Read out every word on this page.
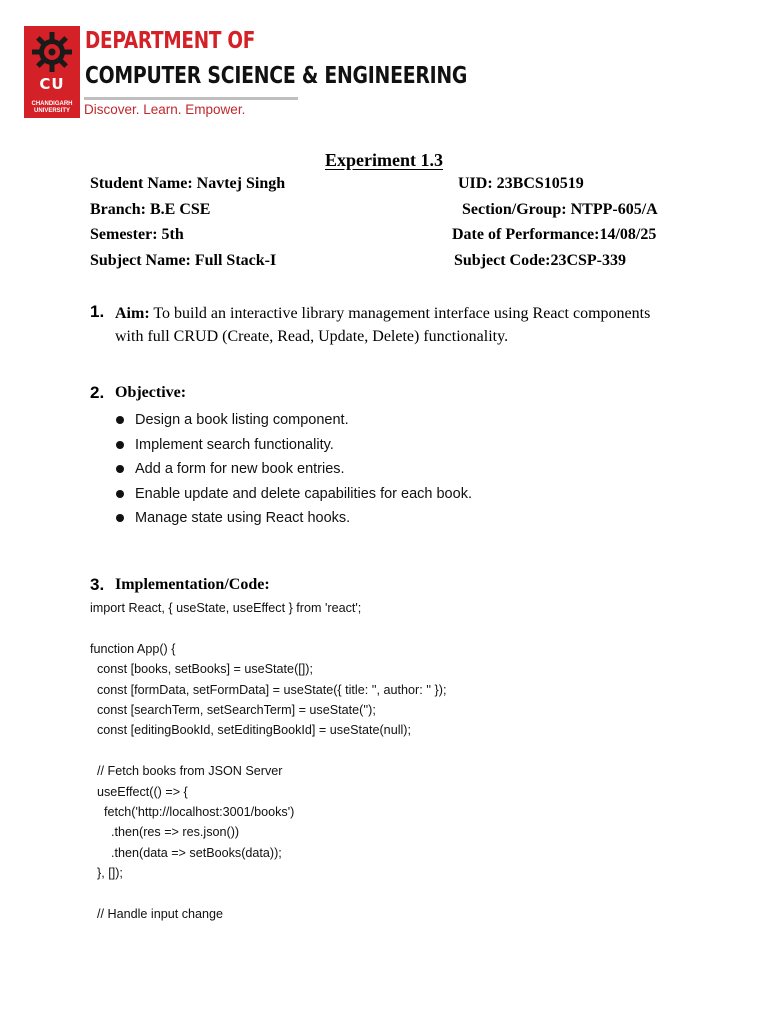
CU
CHANDIGARH
UNIVERSITY
DEPARTMENT OF
COMPUTER SCIENCE & ENGINEERING
Discover. Learn. Empower.
Experiment 1.3
Student Name: Navtej Singh	UID: 23BCS10519
Branch: B.E CSE	Section/Group: NTPP-605/A
Semester: 5th	Date of Performance:14/08/25
Subject Name: Full Stack-I	Subject Code:23CSP-339
1. Aim: To build an interactive library management interface using React components with full CRUD (Create, Read, Update, Delete) functionality.
2. Objective:
Design a book listing component.
Implement search functionality.
Add a form for new book entries.
Enable update and delete capabilities for each book.
Manage state using React hooks.
3. Implementation/Code:
import React, { useState, useEffect } from 'react';

function App() {
const [books, setBooks] = useState([]);
const [formData, setFormData] = useState({ title: '', author: '' });
const [searchTerm, setSearchTerm] = useState('');
const [editingBookId, setEditingBookId] = useState(null);

// Fetch books from JSON Server
useEffect(() => {
fetch('http://localhost:3001/books')
.then(res => res.json())
.then(data => setBooks(data));
}, []);

// Handle input change
